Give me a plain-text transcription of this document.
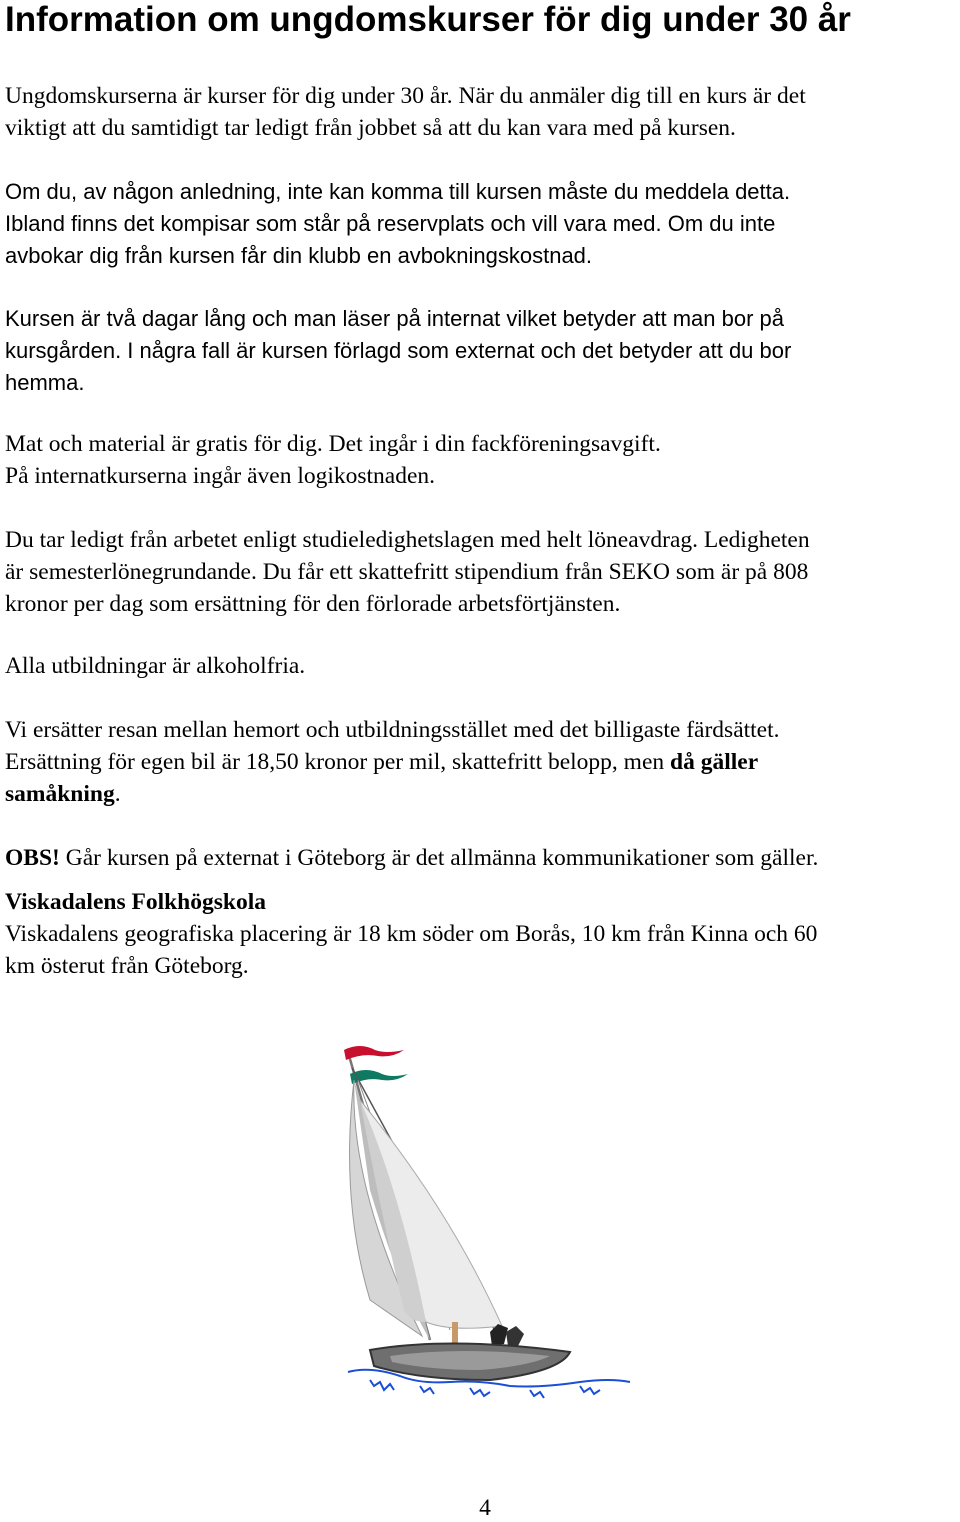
Information om ungdomskurser för dig under 30 år

Ungdomskurserna är kurser för dig under 30 år. När du anmäler dig till en kurs är det
viktigt att du samtidigt tar ledigt från jobbet så att du kan vara med på kursen.

Om du, av någon anledning, inte kan komma till kursen måste du meddela detta.
Ibland finns det kompisar som står på reservplats och vill vara med. Om du inte
avbokar dig från kursen får din klubb en avbokningskostnad.

Kursen är två dagar lång och man läser på internat vilket betyder att man bor på
kursgården. I några fall är kursen förlagd som externat och det betyder att du bor
hemma.

Mat och material är gratis för dig. Det ingår i din fackföreningsavgift.
På internatkurserna ingår även logikostnaden.

Du tar ledigt från arbetet enligt studieledighetslagen med helt löneavdrag. Ledigheten
är semesterlönegrundande. Du får ett skattefritt stipendium från SEKO som är på 808
kronor per dag som ersättning för den förlorade arbetsförtjänsten.

Alla utbildningar är alkoholfria.

Vi ersätter resan mellan hemort och utbildningsstället med det billigaste färdsättet.
Ersättning för egen bil är 18,50 kronor per mil, skattefritt belopp, men då gäller
samåkning.

OBS! Går kursen på externat i Göteborg är det allmänna kommunikationer som gäller.

Viskadalens Folkhögskola
Viskadalens geografiska placering är 18 km söder om Borås, 10 km från Kinna och 60
km österut från Göteborg.

4
